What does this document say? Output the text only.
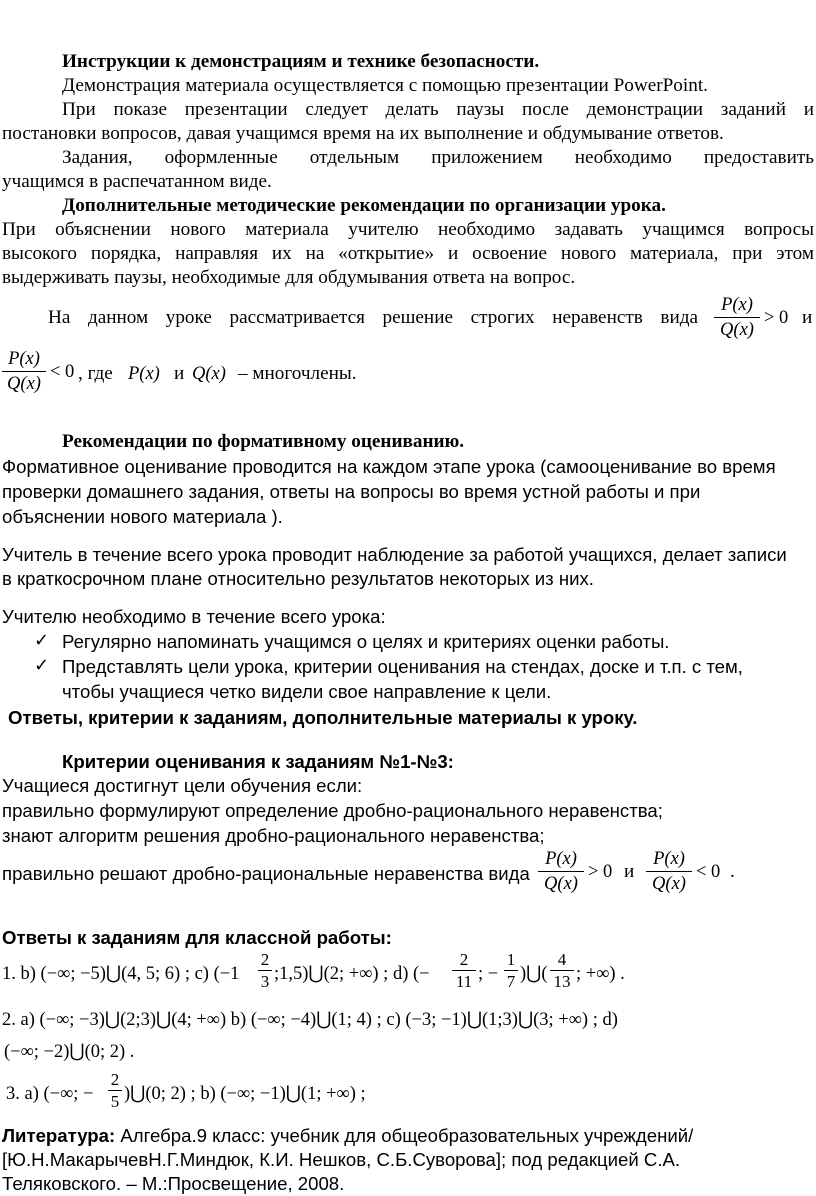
Инструкции к демонстрациям и технике безопасности.
Демонстрация материала осуществляется с помощью презентации PowerPoint.
При показе презентации следует делать паузы после демонстрации заданий и
постановки вопросов, давая учащимся время на их выполнение и обдумывание ответов.
Задания, оформленные отдельным приложением необходимо предоставить
учащимся в распечатанном виде.
Дополнительные методические рекомендации по организации урока.
При объяснении нового материала учителю необходимо задавать учащимся вопросы
высокого порядка, направляя их на «открытие» и освоение нового материала, при этом
выдерживать паузы, необходимые для обдумывания ответа на вопрос.
На данном уроке рассматривается решение строгих неравенств вида
P(x)
Q(x)
> 0 и
P(x)
Q(x)
< 0 , где P(x) и Q(x) – многочлены.
Рекомендации по формативному оцениванию.
Формативное оценивание проводится на каждом этапе урока (самооценивание во время
проверки домашнего задания, ответы на вопросы во время устной работы и при
объяснении нового материала ).
Учитель в течение всего урока проводит наблюдение за работой учащихся, делает записи
в краткосрочном плане относительно результатов некоторых из них.
Учителю необходимо в течение всего урока:
✓ Регулярно напоминать учащимся о целях и критериях оценки работы.
✓ Представлять цели урока, критерии оценивания на стендах, доске и т.п. с тем,
чтобы учащиеся четко видели свое направление к цели.
Ответы, критерии к заданиям, дополнительные материалы к уроку.
Критерии оценивания к заданиям №1-№3:
Учащиеся достигнут цели обучения если:
правильно формулируют определение дробно-рационального неравенства;
знают алгоритм решения дробно-рационального неравенства;
правильно решают дробно-рациональные неравенства вида
P(x)
Q(x)
> 0 и
P(x)
Q(x)
< 0 .
Ответы к заданиям для классной работы:
1. b) (−∞; −5)⋃(4, 5; 6) ; c) (−1
2
3 ;1,5)⋃(2; +∞) ; d) (−
2
11 ; −
1
7 )⋃(
4
13 ; +∞) .
2. a) (−∞; −3)⋃(2;3)⋃(4; +∞) b) (−∞; −4)⋃(1; 4) ; c) (−3; −1)⋃(1;3)⋃(3; +∞) ; d)
(−∞; −2)⋃(0; 2) .
3. a) (−∞; −
2
5 )⋃(0; 2) ; b) (−∞; −1)⋃(1; +∞) ;
Литература: Алгебра.9 класс: учебник для общеобразовательных учреждений/
[Ю.Н.МакарычевН.Г.Миндюк, К.И. Нешков, С.Б.Суворова]; под редакцией С.А.
Теляковского. – М.:Просвещение, 2008.
